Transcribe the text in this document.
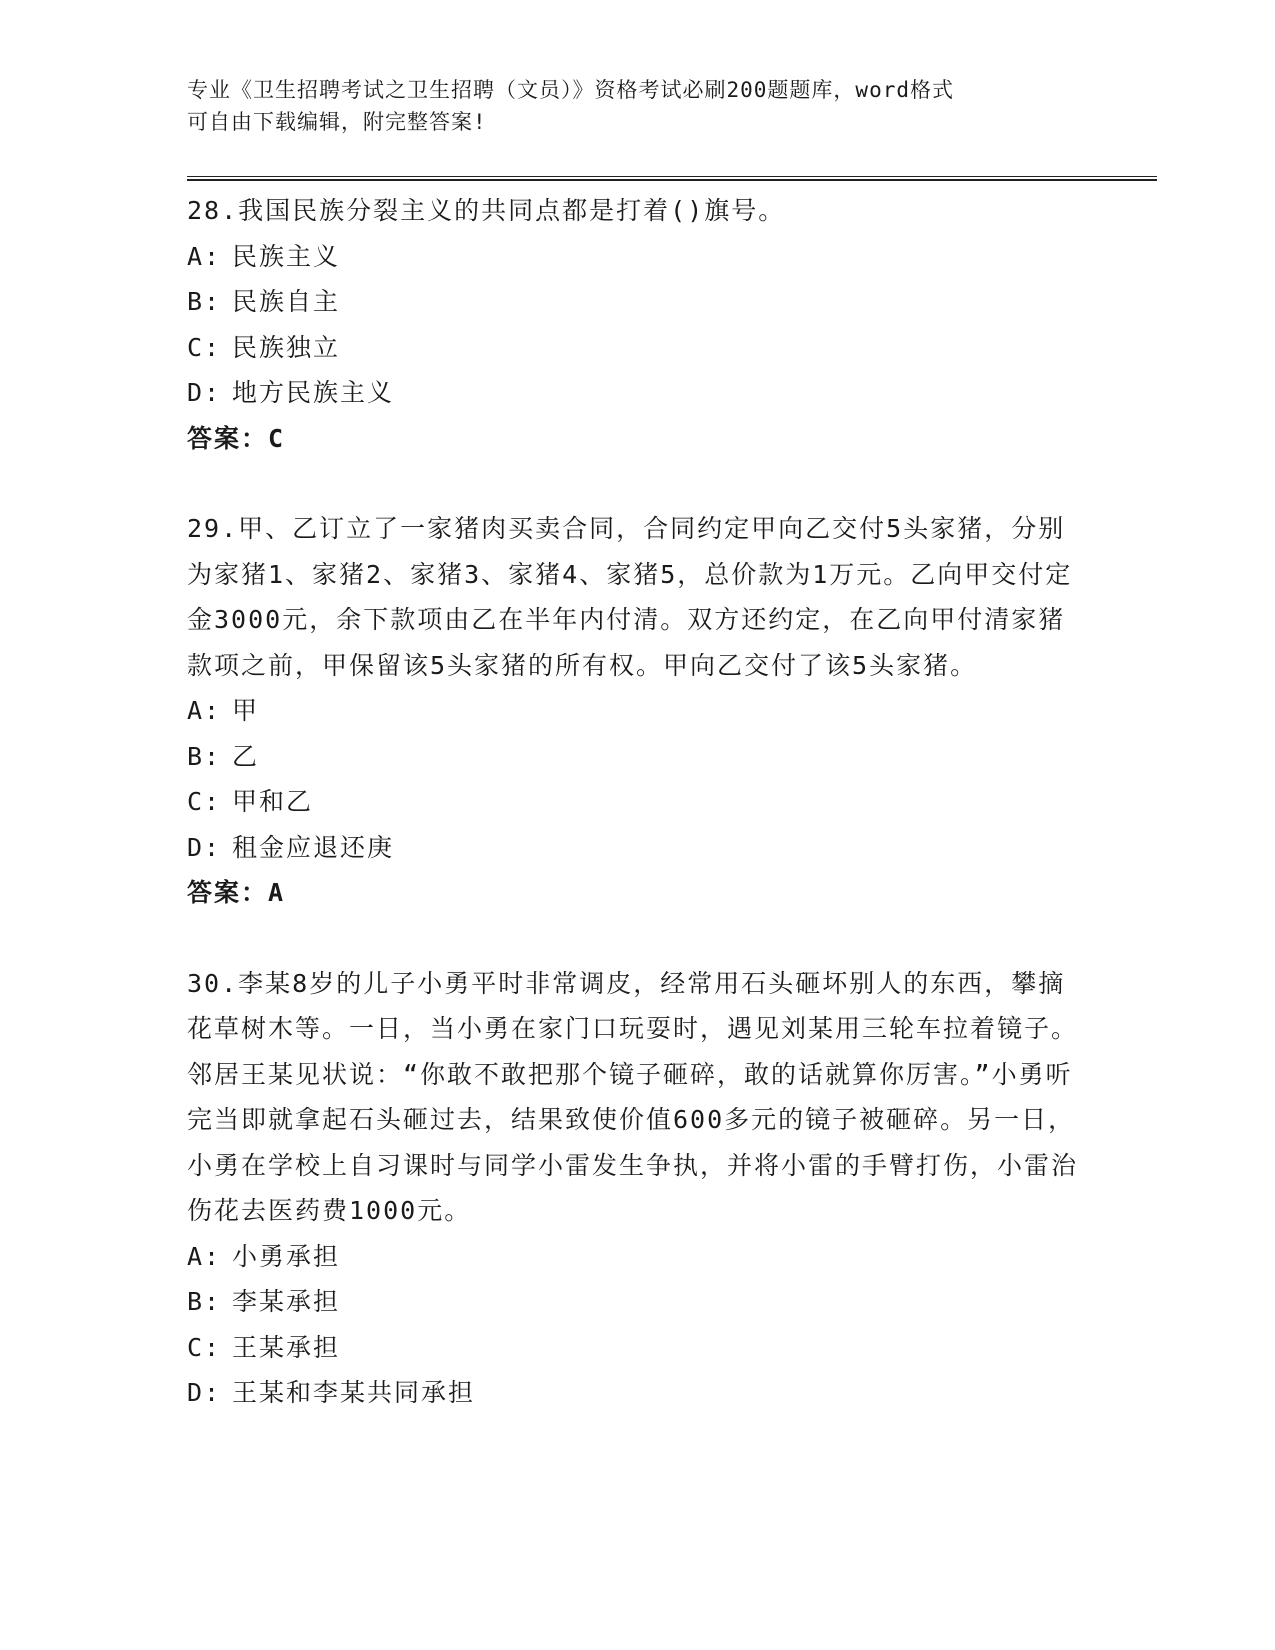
专业《卫生招聘考试之卫生招聘（文员）》资格考试必刷200题题库，word格式
可自由下载编辑，附完整答案!

28.我国民族分裂主义的共同点都是打着()旗号。

A: 民族主义
B: 民族自主
C: 民族独立
D: 地方民族主义

答案：C

29.甲、乙订立了一家猪肉买卖合同，合同约定甲向乙交付5头家猪，分别为家猪1、家猪2、家猪3、家猪4、家猪5，总价款为1万元。乙向甲交付定金3000元，余下款项由乙在半年内付清。双方还约定，在乙向甲付清家猪款项之前，甲保留该5头家猪的所有权。甲向乙交付了该5头家猪。

A: 甲
B: 乙
C: 甲和乙
D: 租金应退还庚

答案：A

30.李某8岁的儿子小勇平时非常调皮，经常用石头砸坏别人的东西，攀摘花草树木等。一日，当小勇在家门口玩耍时，遇见刘某用三轮车拉着镜子。邻居王某见状说：“你敢不敢把那个镜子砸碎，敢的话就算你厉害。”小勇听完当即就拿起石头砸过去，结果致使价值600多元的镜子被砸碎。另一日，小勇在学校上自习课时与同学小雷发生争执，并将小雷的手臂打伤，小雷治伤花去医药费1000元。

A: 小勇承担
B: 李某承担
C: 王某承担
D: 王某和李某共同承担
